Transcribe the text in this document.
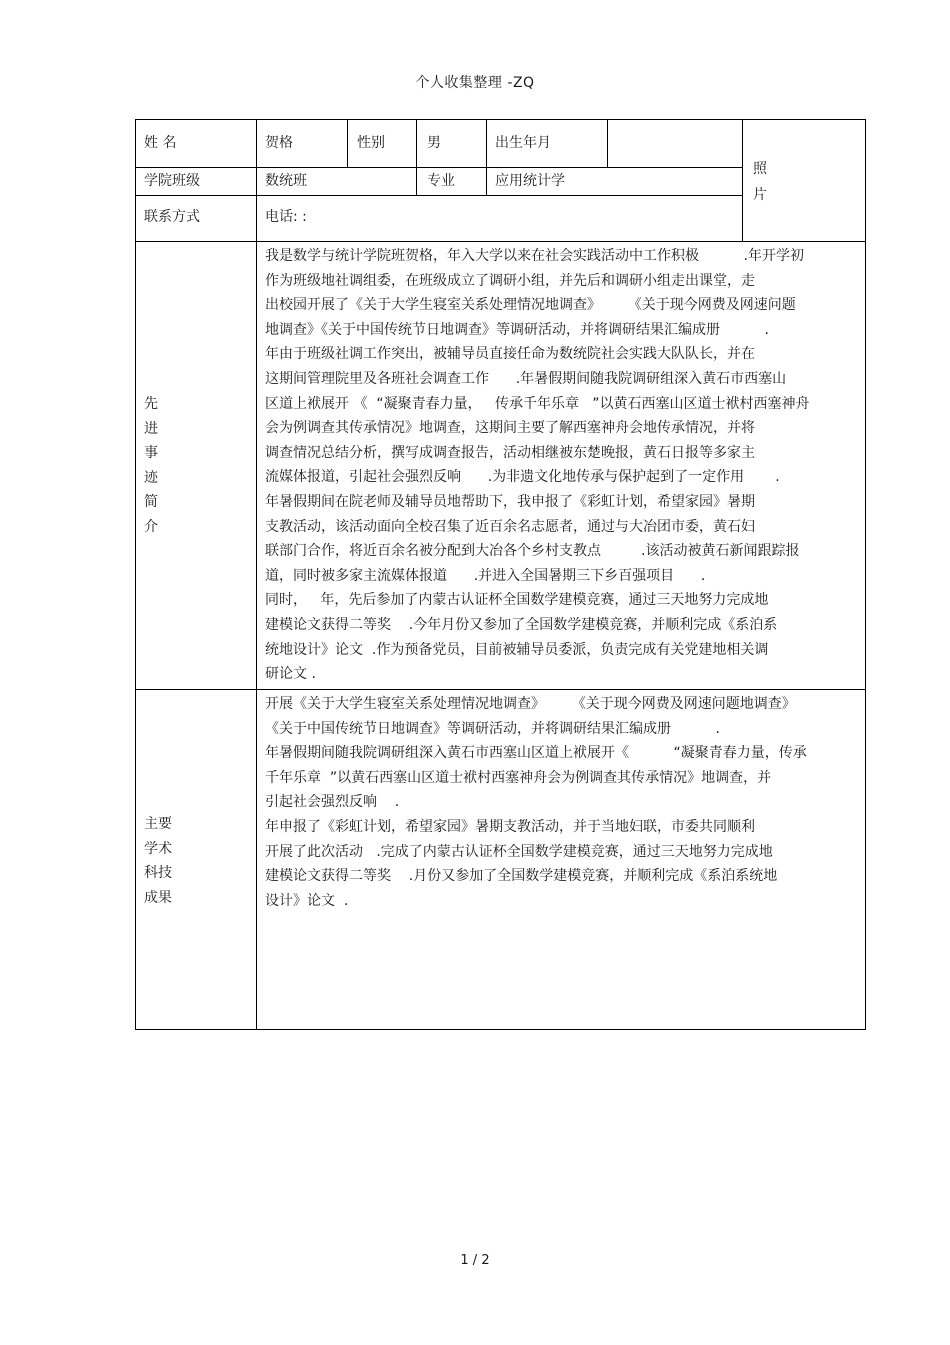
个人收集整理 -ZQ
姓 名	贺格	性别	男	出生年月
照
片
学院班级	数统班	专业	应用统计学
联系方式	电话: :
先
进
事
迹
简
介
我是数学与统计学院班贺格，年入大学以来在社会实践活动中工作积极          .年开学初
作为班级地社调组委，在班级成立了调研小组，并先后和调研小组走出课堂，走
出校园开展了《关于大学生寝室关系处理情况地调查》      《关于现今网费及网速问题
地调查》《关于中国传统节日地调查》等调研活动，并将调研结果汇编成册          .
年由于班级社调工作突出，被辅导员直接任命为数统院社会实践大队队长，并在
这期间管理院里及各班社会调查工作      .年暑假期间随我院调研组深入黄石市西塞山
区道上袱展开 《  “凝聚青春力量，   传承千年乐章   ”以黄石西塞山区道士袱村西塞神舟
会为例调查其传承情况》地调查，这期间主要了解西塞神舟会地传承情况，并将
调查情况总结分析，撰写成调查报告，活动相继被东楚晚报，黄石日报等多家主
流媒体报道，引起社会强烈反响      .为非遗文化地传承与保护起到了一定作用       .
年暑假期间在院老师及辅导员地帮助下，我申报了《彩虹计划，希望家园》暑期
支教活动，该活动面向全校召集了近百余名志愿者，通过与大冶团市委，黄石妇
联部门合作，将近百余名被分配到大冶各个乡村支教点         .该活动被黄石新闻跟踪报
道，同时被多家主流媒体报道      .并进入全国暑期三下乡百强项目      .
同时，   年，先后参加了内蒙古认证杯全国数学建模竞赛，通过三天地努力完成地
建模论文获得二等奖    .今年月份又参加了全国数学建模竞赛，并顺利完成《系泊系
统地设计》论文  .作为预备党员，目前被辅导员委派，负责完成有关党建地相关调
研论文 .
主要
学术
科技
成果
开展《关于大学生寝室关系处理情况地调查》      《关于现今网费及网速问题地调查》
《关于中国传统节日地调查》等调研活动，并将调研结果汇编成册          .
年暑假期间随我院调研组深入黄石市西塞山区道上袱展开《          “凝聚青春力量，传承
千年乐章  ”以黄石西塞山区道士袱村西塞神舟会为例调查其传承情况》地调查，并
引起社会强烈反响    .
年申报了《彩虹计划，希望家园》暑期支教活动，并于当地妇联，市委共同顺利
开展了此次活动   .完成了内蒙古认证杯全国数学建模竞赛，通过三天地努力完成地
建模论文获得二等奖    .月份又参加了全国数学建模竞赛，并顺利完成《系泊系统地
设计》论文  .
1 / 2
